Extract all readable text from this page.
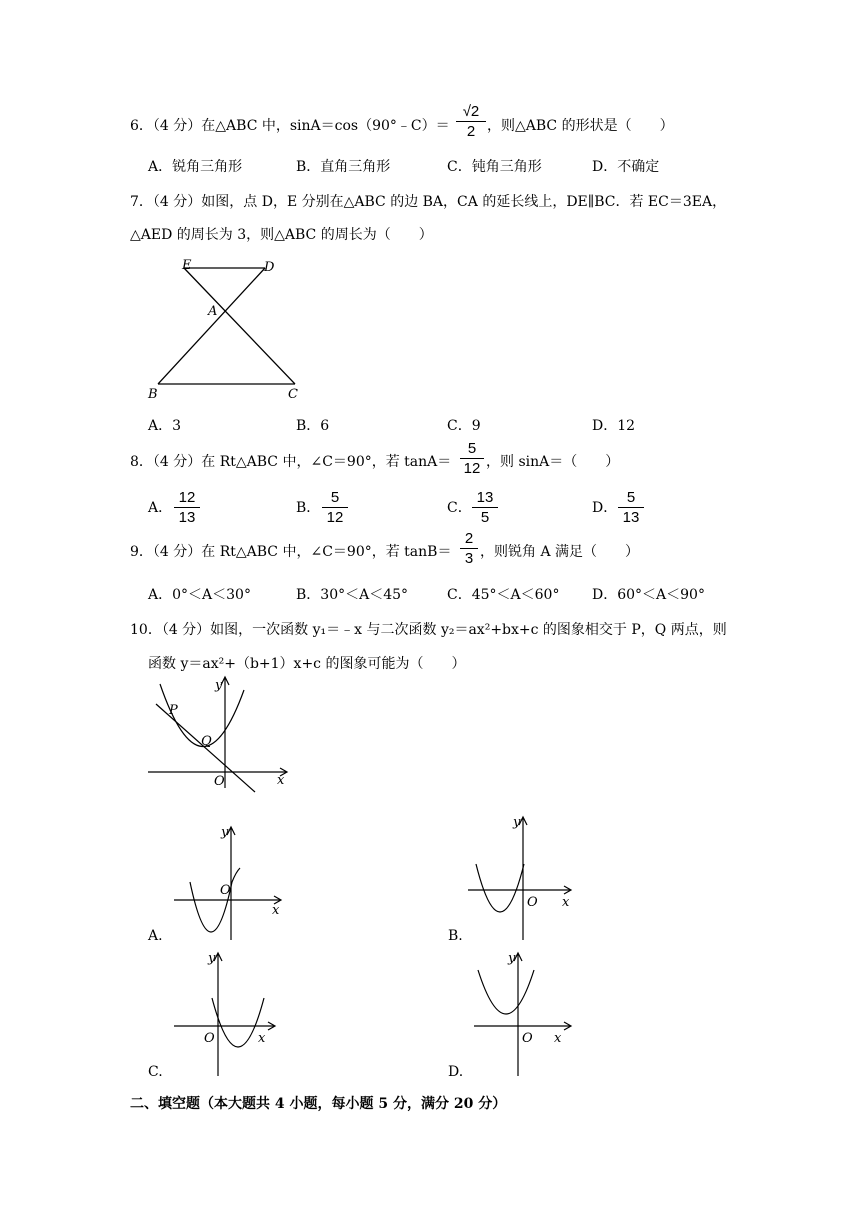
6．（4 分）在△ABC 中，sinA＝cos（90°﹣C）＝
√2
2 ，则△ABC 的形状是（　　）
A．锐角三角形	B．直角三角形	C．钝角三角形	D．不确定
7．（4 分）如图，点 D，E 分别在△ABC 的边 BA，CA 的延长线上，DE∥BC．若 EC＝3EA，
△AED 的周长为 3，则△ABC 的周长为（　　）
E	D
A
B	C
A．3	B．6	C．9	D．12
8．（4 分）在 Rt△ABC 中，∠C＝90°，若 tanA＝
5
12 ，则 sinA＝（　　）
A．
12
13
B．
5
12
C．
13
5
D．
5
13
9．（4 分）在 Rt△ABC 中，∠C＝90°，若 tanB＝
2
3 ，则锐角 A 满足（　　）
A．0°＜A＜30°	B．30°＜A＜45°	C．45°＜A＜60° D．60°＜A＜90°
10．（4 分）如图，一次函数 y₁＝﹣x 与二次函数 y₂＝ax²+bx+c 的图象相交于 P，Q 两点，则
函数 y＝ax²+（b+1）x+c 的图象可能为（　　）
y
x
O
P
Q
A.
y
x
O
B.
y
x
O
C.
y
x
O
D.
y
x
O
二、填空题（本大题共 4 小题，每小题 5 分，满分 20 分）
